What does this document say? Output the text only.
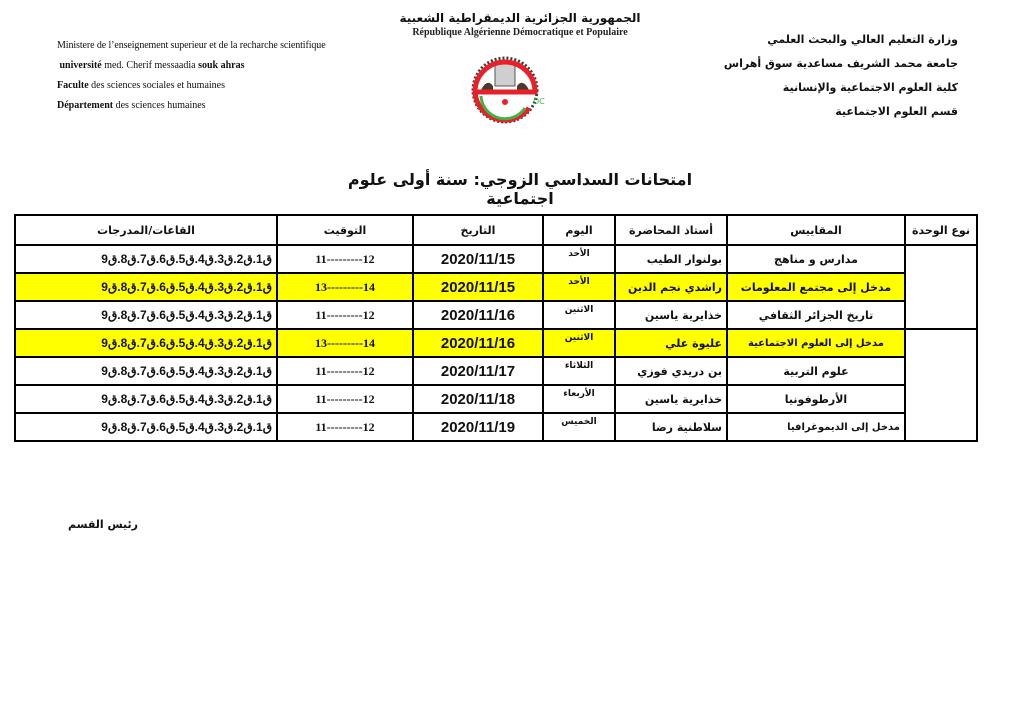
Ministere de l’enseignement superieur et de la recharche scientifique
université med. Cherif messaadia souk ahras
Faculte des sciences sociales et humaines
Département des sciences humaines
الجمهورية الجزائرية الديمقراطية الشعبية
République Algérienne Démocratique et Populaire
DC
وزارة التعليم العالي والبحث العلمي
جامعة محمد الشريف مساعدية سوق أهراس
كلية العلوم الاجتماعية والإنسانية
قسم العلوم الاجتماعية
امتحانات السداسي الزوجي: سنة أولى علوم اجتماعية
نوع الوحدة	المقاييس	أستاذ المحاضرة	اليوم	التاريخ	التوقيت	القاعات/المدرجات
	مدارس و مناهج	بولنوار الطيب	الأحد	2020/11/15	11---------12	ق1.ق2.ق3.ق4.ق5.ق6.ق7.ق8.ق9
	مدخل إلى مجتمع المعلومات	راشدي نجم الدين	الأحد	2020/11/15	13---------14	ق1.ق2.ق3.ق4.ق5.ق6.ق7.ق8.ق9
	تاريخ الجزائر الثقافي	خذايرية ياسين	الاثنين	2020/11/16	11---------12	ق1.ق2.ق3.ق4.ق5.ق6.ق7.ق8.ق9
	مدخل إلى العلوم الاجتماعية	عليوة علي	الاثنين	2020/11/16	13---------14	ق1.ق2.ق3.ق4.ق5.ق6.ق7.ق8.ق9
	علوم التربية	بن دريدي فوزي	الثلاثاء	2020/11/17	11---------12	ق1.ق2.ق3.ق4.ق5.ق6.ق7.ق8.ق9
	الأرطوفونيا	خذايرية ياسين	الأربعاء	2020/11/18	11---------12	ق1.ق2.ق3.ق4.ق5.ق6.ق7.ق8.ق9
	مدخل إلى الديموغرافيا	سلاطنية رضا	الخميس	2020/11/19	11---------12	ق1.ق2.ق3.ق4.ق5.ق6.ق7.ق8.ق9
رئيس القسم
